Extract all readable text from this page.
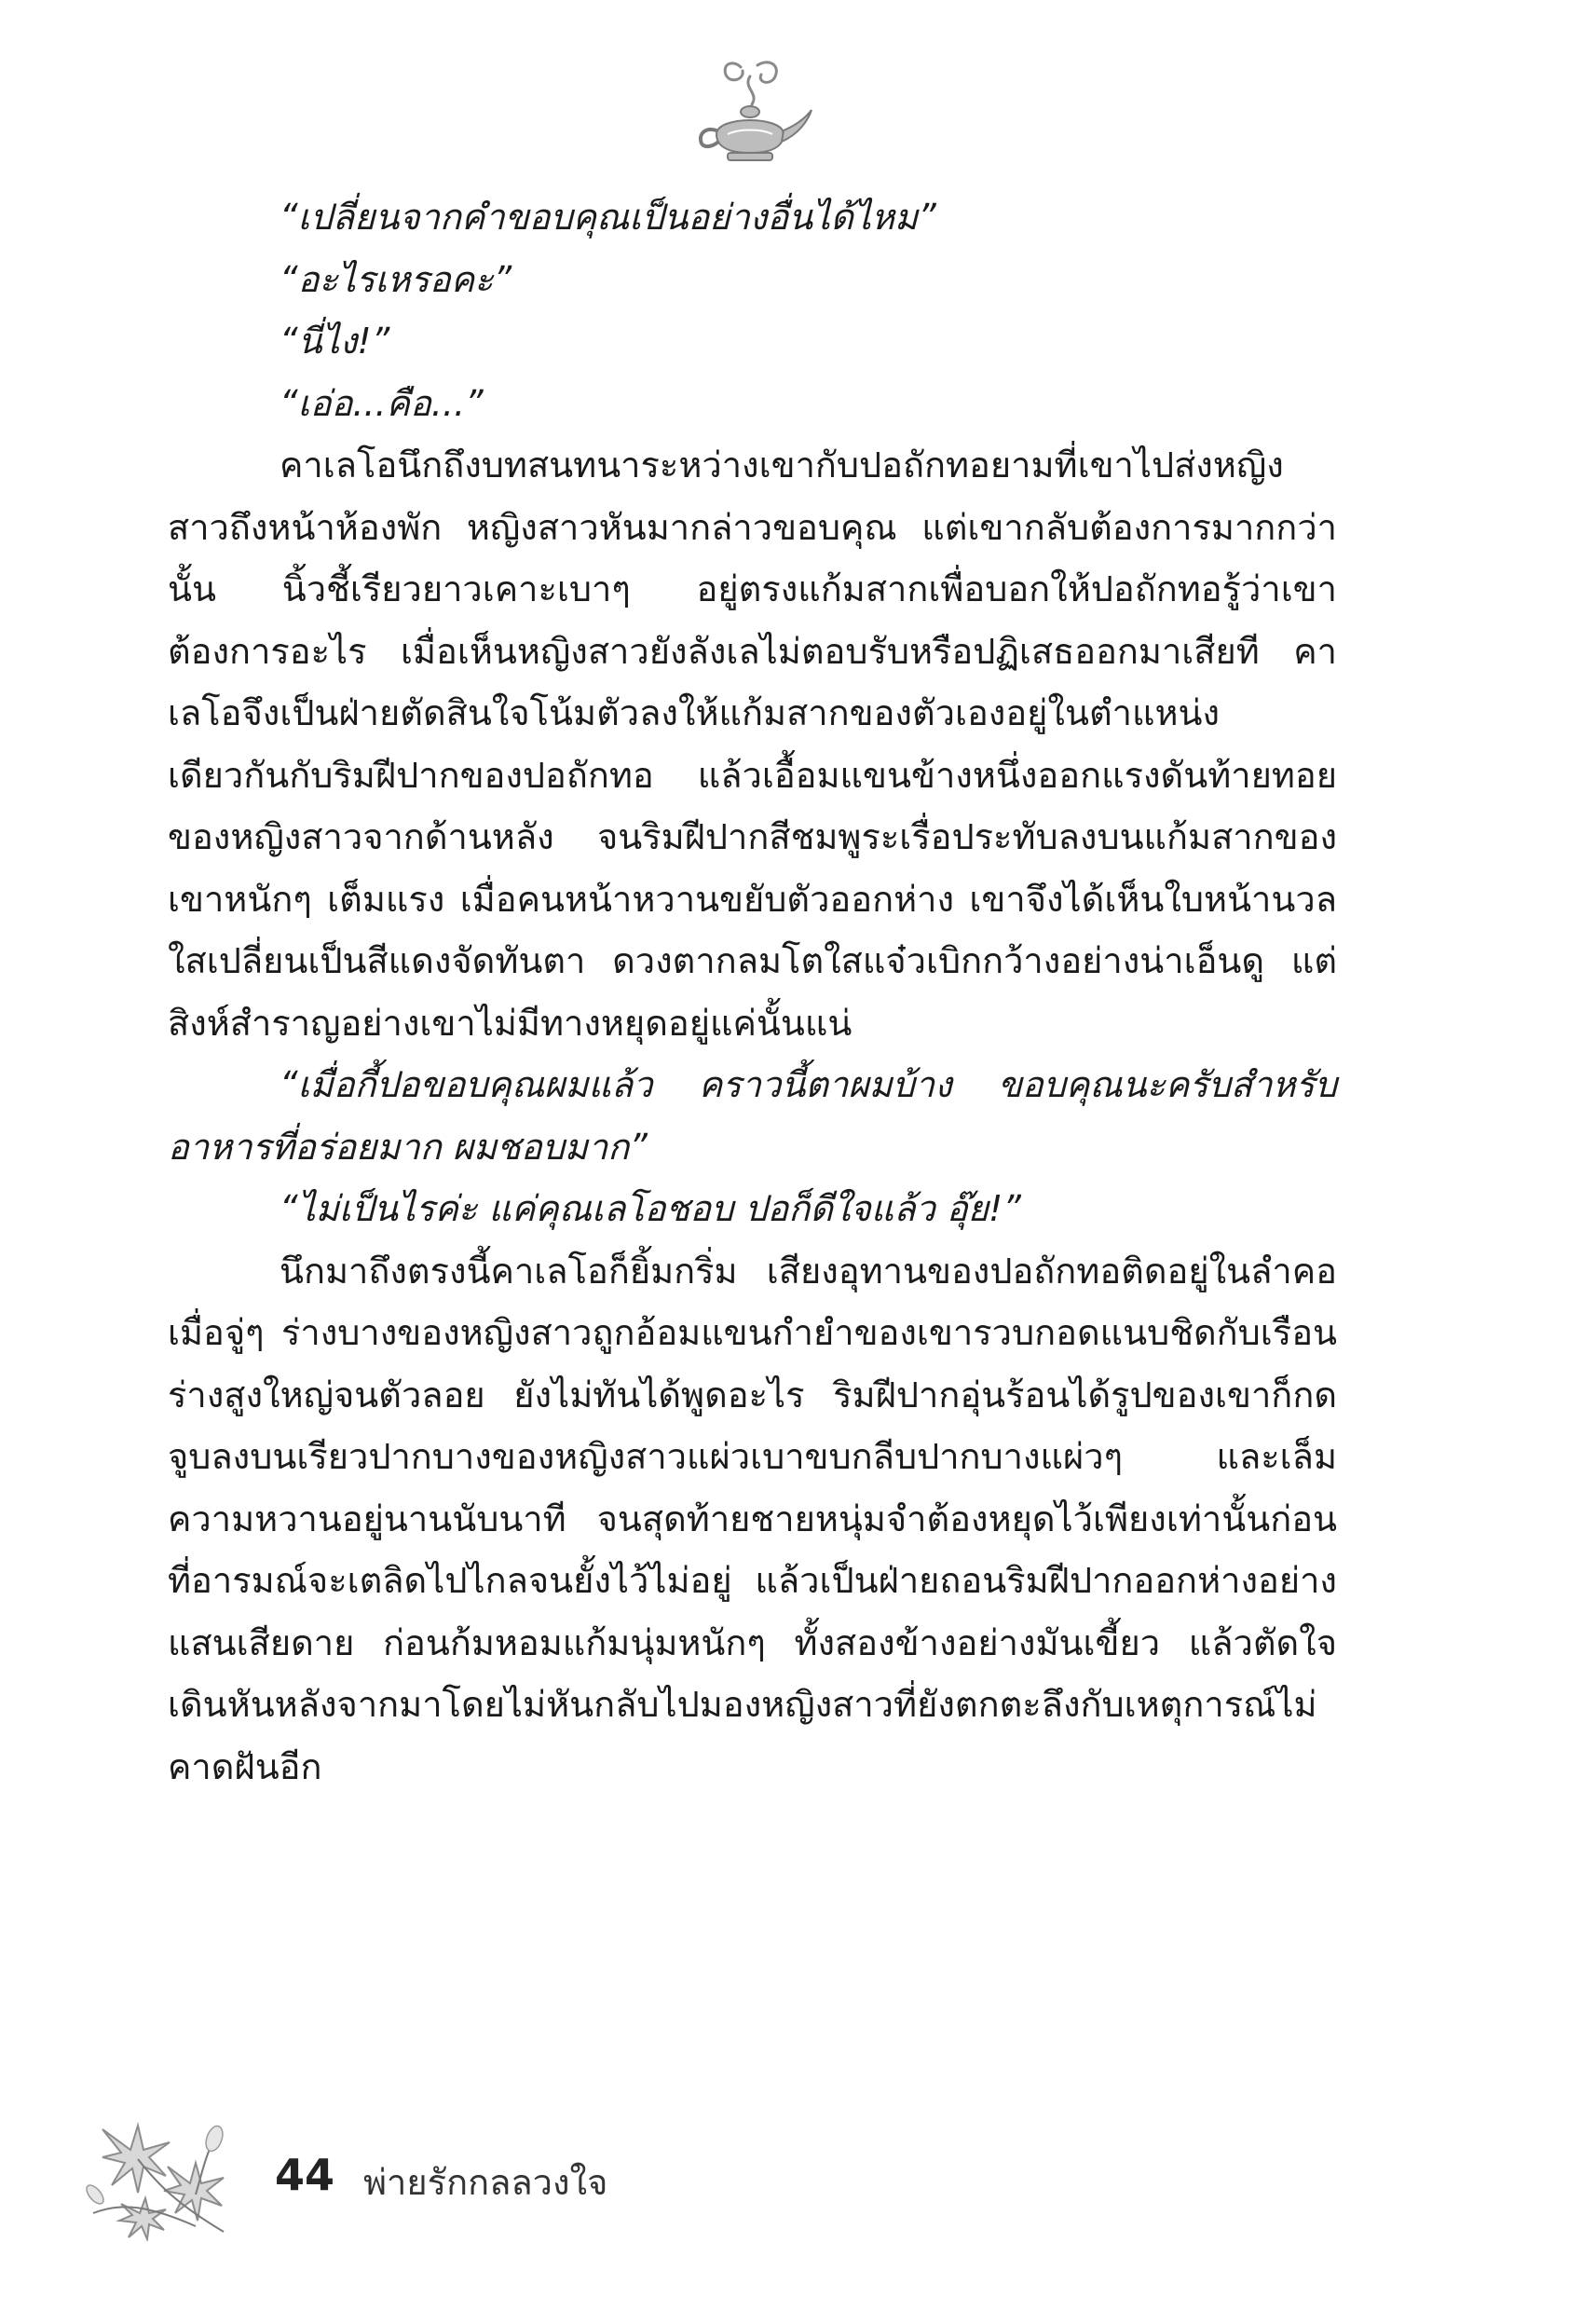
“เปลี่ยนจากคำขอบคุณเป็นอย่างอื่นได้ไหม”

“อะไรเหรอคะ”

“นี่ไง!”

“เอ่อ...คือ...”

คาเลโอนึกถึงบทสนทนาระหว่างเขากับปอถักทอยามที่เขาไปส่งหญิงสาวถึงหน้าห้องพัก หญิงสาวหันมากล่าวขอบคุณ แต่เขากลับต้องการมากกว่านั้น นิ้วชี้เรียวยาวเคาะเบาๆ อยู่ตรงแก้มสากเพื่อบอกให้ปอถักทอรู้ว่าเขาต้องการอะไร เมื่อเห็นหญิงสาวยังลังเลไม่ตอบรับหรือปฏิเสธออกมาเสียที คาเลโอจึงเป็นฝ่ายตัดสินใจโน้มตัวลงให้แก้มสากของตัวเองอยู่ในตำแหน่งเดียวกันกับริมฝีปากของปอถักทอ แล้วเอื้อมแขนข้างหนึ่งออกแรงดันท้ายทอยของหญิงสาวจากด้านหลัง จนริมฝีปากสีชมพูระเรื่อประทับลงบนแก้มสากของเขาหนักๆ เต็มแรง เมื่อคนหน้าหวานขยับตัวออกห่าง เขาจึงได้เห็นใบหน้านวลใสเปลี่ยนเป็นสีแดงจัดทันตา ดวงตากลมโตใสแจ๋วเบิกกว้างอย่างน่าเอ็นดู แต่สิงห์สำราญอย่างเขาไม่มีทางหยุดอยู่แค่นั้นแน่

“เมื่อกี้ปอขอบคุณผมแล้ว คราวนี้ตาผมบ้าง ขอบคุณนะครับสำหรับอาหารที่อร่อยมาก ผมชอบมาก”

“ไม่เป็นไรค่ะ แค่คุณเลโอชอบ ปอก็ดีใจแล้ว อุ๊ย!”

นึกมาถึงตรงนี้คาเลโอก็ยิ้มกริ่ม เสียงอุทานของปอถักทอติดอยู่ในลำคอเมื่อจู่ๆ ร่างบางของหญิงสาวถูกอ้อมแขนกำยำของเขารวบกอดแนบชิดกับเรือนร่างสูงใหญ่จนตัวลอย ยังไม่ทันได้พูดอะไร ริมฝีปากอุ่นร้อนได้รูปของเขาก็กดจูบลงบนเรียวปากบางของหญิงสาวแผ่วเบาขบกลีบปากบางแผ่วๆ และเล็มความหวานอยู่นานนับนาที จนสุดท้ายชายหนุ่มจำต้องหยุดไว้เพียงเท่านั้นก่อนที่อารมณ์จะเตลิดไปไกลจนยั้งไว้ไม่อยู่ แล้วเป็นฝ่ายถอนริมฝีปากออกห่างอย่างแสนเสียดาย ก่อนก้มหอมแก้มนุ่มหนักๆ ทั้งสองข้างอย่างมันเขี้ยว แล้วตัดใจเดินหันหลังจากมาโดยไม่หันกลับไปมองหญิงสาวที่ยังตกตะลึงกับเหตุการณ์ไม่คาดฝันอีก

44 พ่ายรักกลลวงใจ
